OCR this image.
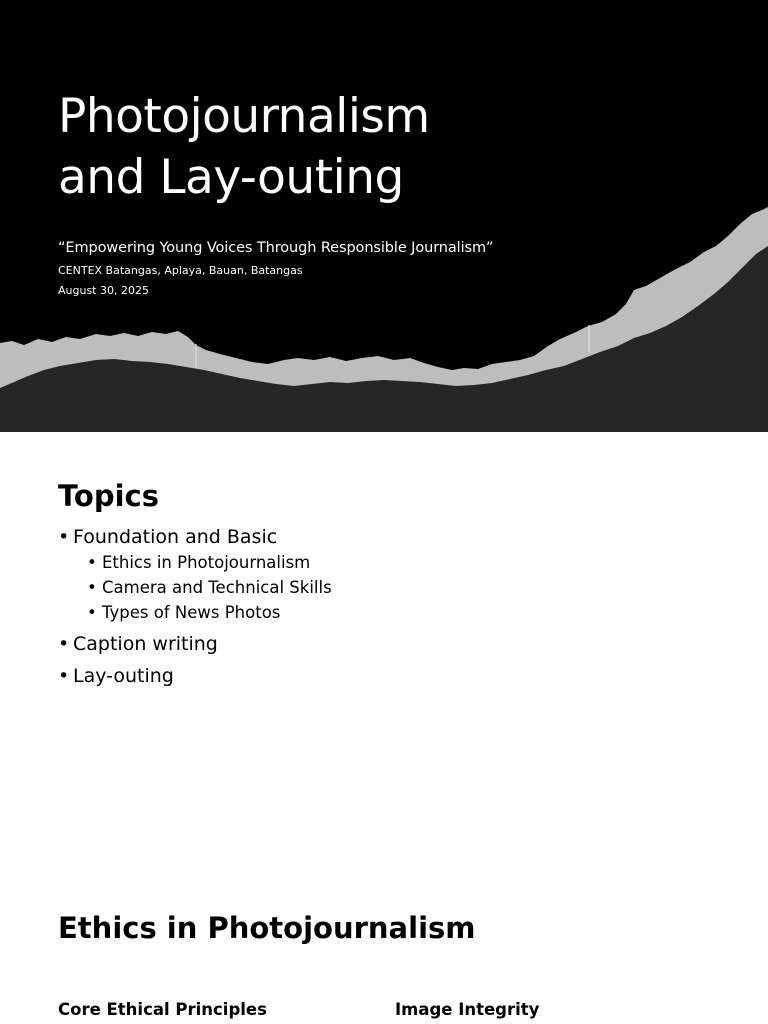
Photojournalism
and Lay-outing
“Empowering Young Voices Through Responsible Journalism”
CENTEX Batangas, Aplaya, Bauan, Batangas
August 30, 2025
Topics
• Foundation and Basic
• Ethics in Photojournalism
• Camera and Technical Skills
• Types of News Photos
• Caption writing
• Lay-outing
Ethics in Photojournalism
Core Ethical Principles	Image Integrity
